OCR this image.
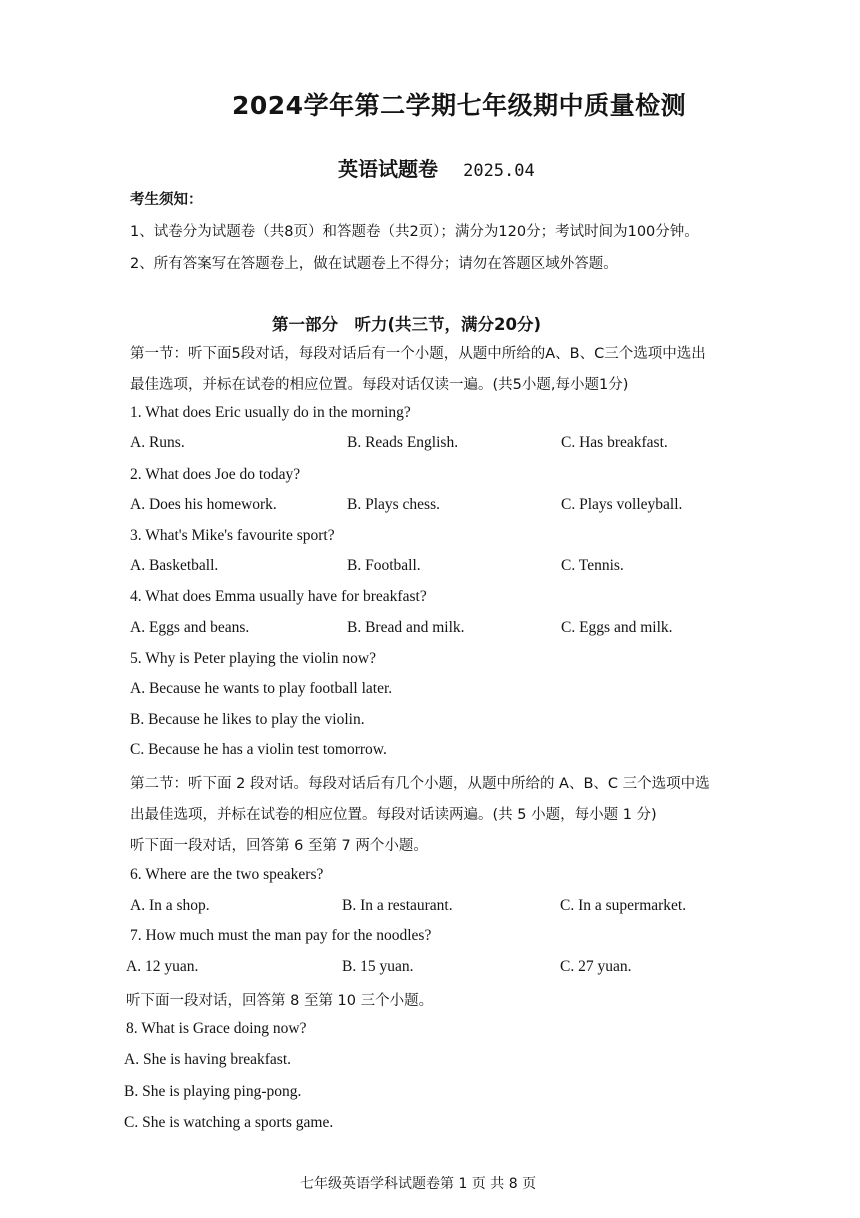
2024学年第二学期七年级期中质量检测
英语试题卷 2025.04
考生须知：
1、试卷分为试题卷（共8页）和答题卷（共2页）；满分为120分；考试时间为100分钟。
2、所有答案写在答题卷上，做在试题卷上不得分；请勿在答题区域外答题。
第一部分　听力(共三节，满分20分)
第一节：听下面5段对话，每段对话后有一个小题，从题中所给的A、B、C三个选项中选出
最佳选项，并标在试卷的相应位置。每段对话仅读一遍。(共5小题,每小题1分)
1. What does Eric usually do in the morning?
A. Runs.	B. Reads English.	C. Has breakfast.
2. What does Joe do today?
A. Does his homework.	B. Plays chess.	C. Plays volleyball.
3. What's Mike's favourite sport?
A. Basketball.	B. Football.	C. Tennis.
4. What does Emma usually have for breakfast?
A. Eggs and beans.	B. Bread and milk.	C. Eggs and milk.
5. Why is Peter playing the violin now?
A. Because he wants to play football later.
B. Because he likes to play the violin.
C. Because he has a violin test tomorrow.
第二节：听下面 2 段对话。每段对话后有几个小题，从题中所给的 A、B、C 三个选项中选
出最佳选项，并标在试卷的相应位置。每段对话读两遍。(共 5 小题，每小题 1 分)
听下面一段对话，回答第 6 至第 7 两个小题。
6. Where are the two speakers?
A. In a shop.	B. In a restaurant.	C. In a supermarket.
7. How much must the man pay for the noodles?
A. 12 yuan.	B. 15 yuan.	C. 27 yuan.
听下面一段对话，回答第 8 至第 10 三个小题。
8. What is Grace doing now?
A. She is having breakfast.
B. She is playing ping-pong.
C. She is watching a sports game.
七年级英语学科试题卷第 1 页 共 8 页
